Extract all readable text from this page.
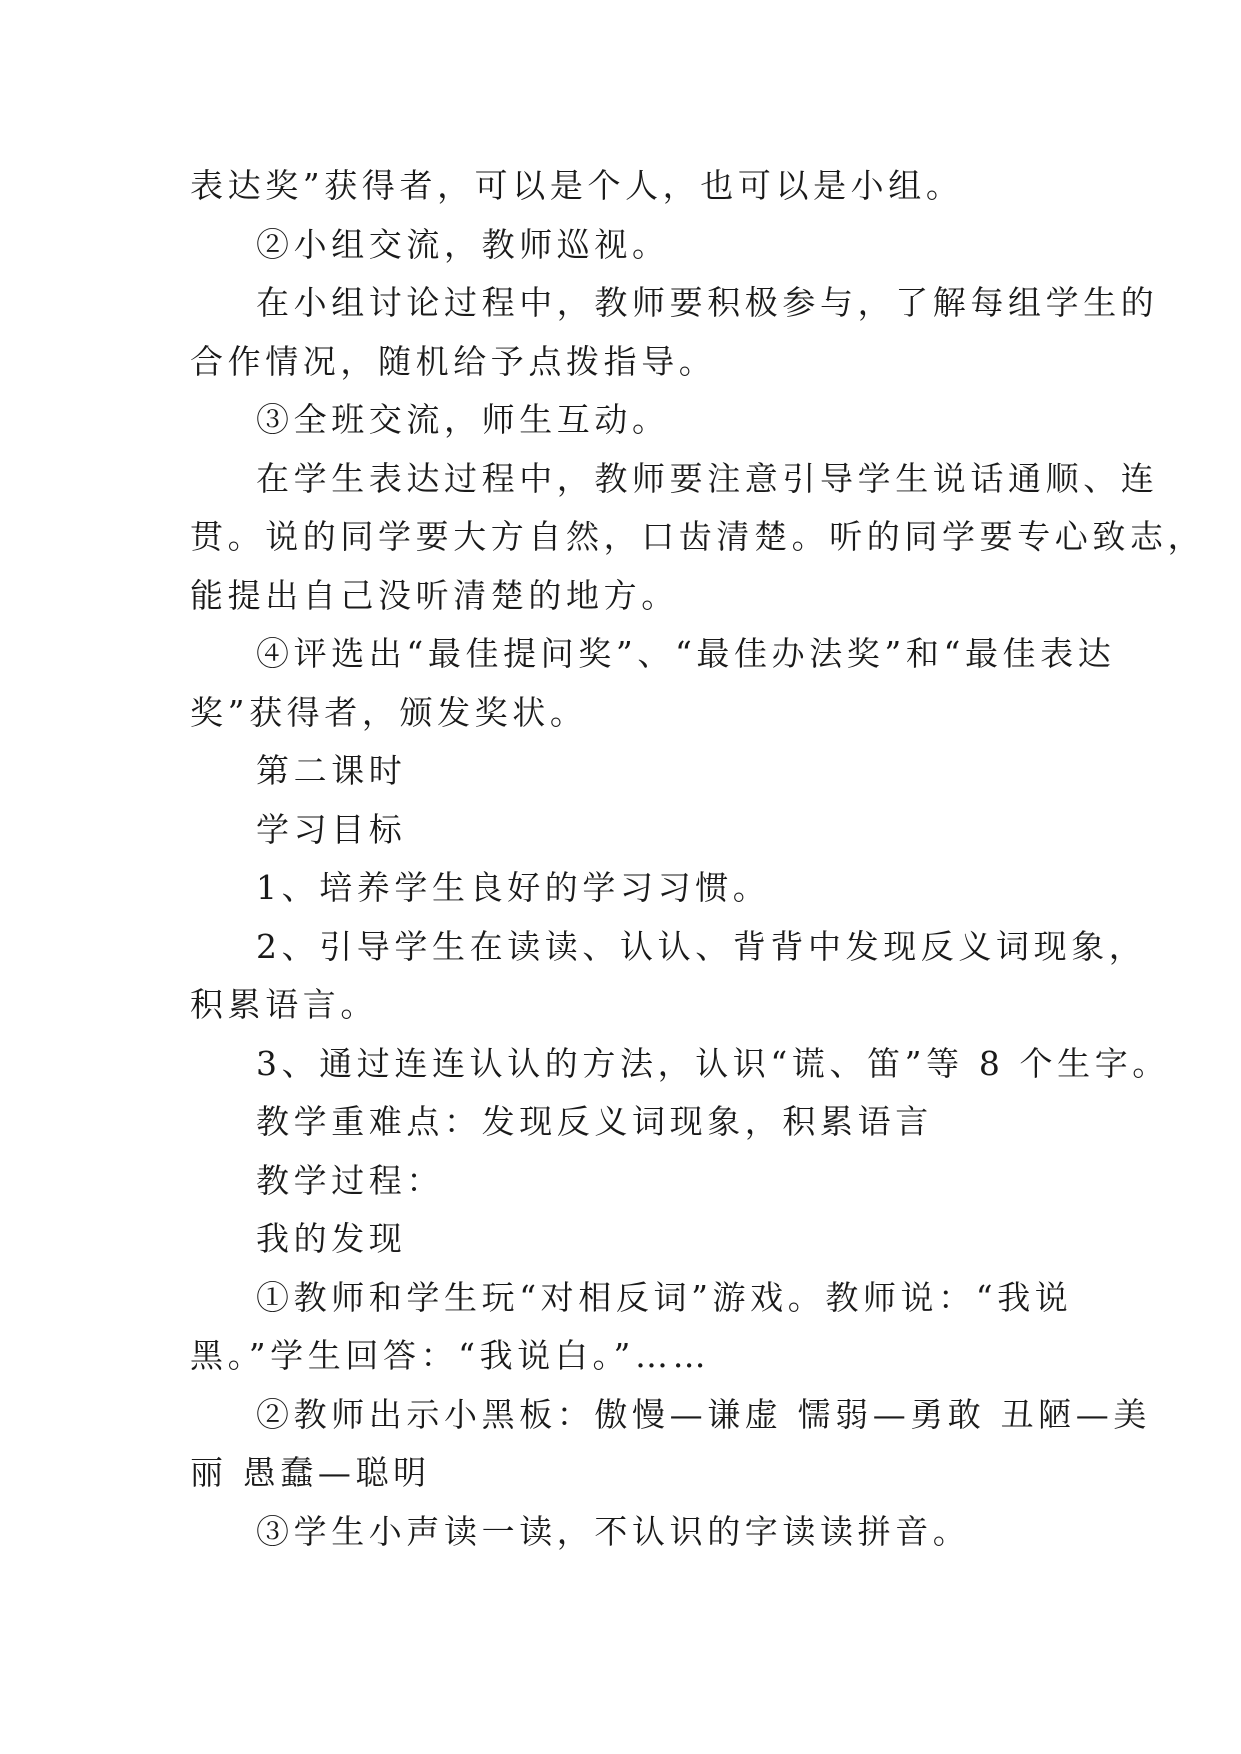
表达奖”获得者，可以是个人，也可以是小组。

②小组交流，教师巡视。

在小组讨论过程中，教师要积极参与，了解每组学生的

合作情况，随机给予点拨指导。

③全班交流，师生互动。

在学生表达过程中，教师要注意引导学生说话通顺、连

贯。说的同学要大方自然，口齿清楚。听的同学要专心致志，

能提出自己没听清楚的地方。

④评选出“最佳提问奖”、“最佳办法奖”和“最佳表达

奖”获得者，颁发奖状。

第二课时

学习目标

1、培养学生良好的学习习惯。

2、引导学生在读读、认认、背背中发现反义词现象，

积累语言。

3、通过连连认认的方法，认识“谎、笛”等 8 个生字。

教学重难点：发现反义词现象，积累语言

教学过程：

我的发现

①教师和学生玩“对相反词”游戏。教师说：“我说

黑。”学生回答：“我说白。”……

②教师出示小黑板：傲慢—谦虚 懦弱—勇敢 丑陋—美

丽 愚蠢—聪明

③学生小声读一读，不认识的字读读拼音。
